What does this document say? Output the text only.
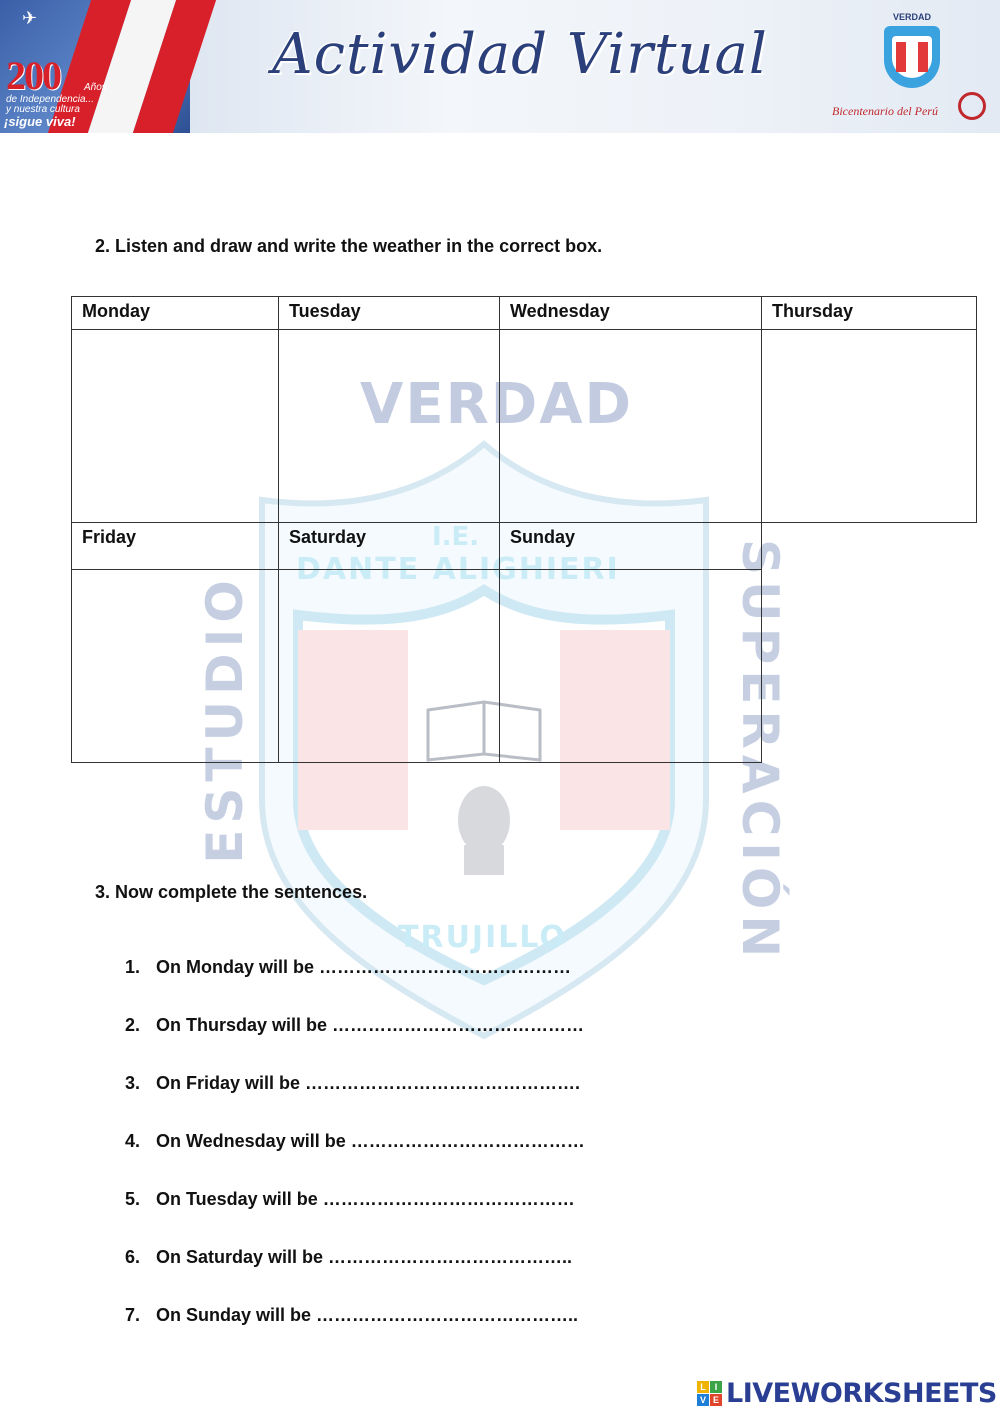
✈
200 Años
de Independencia...
y nuestra cultura
¡sigue viva!
Actividad Virtual
VERDAD
Bicentenario del Perú
VERDAD
I.E.
DANTE ALIGHIERI
ESTUDIO	SUPERACIÓN
TRUJILLO

2. Listen and draw and write the weather in the correct box.

Monday	Tuesday	Wednesday	Thursday

Friday	Saturday	Sunday	

3. Now complete the sentences.

1. On Monday will be ……………………………………
2. On Thursday will be ……………………………………
3. On Friday will be ……………………………………….
4. On Wednesday will be …………………………………
5. On Tuesday will be ……………………………………
6. On Saturday will be …………………………………..
7. On Sunday will be ……………………………………..
L I
V E LIVEWORKSHEETS
